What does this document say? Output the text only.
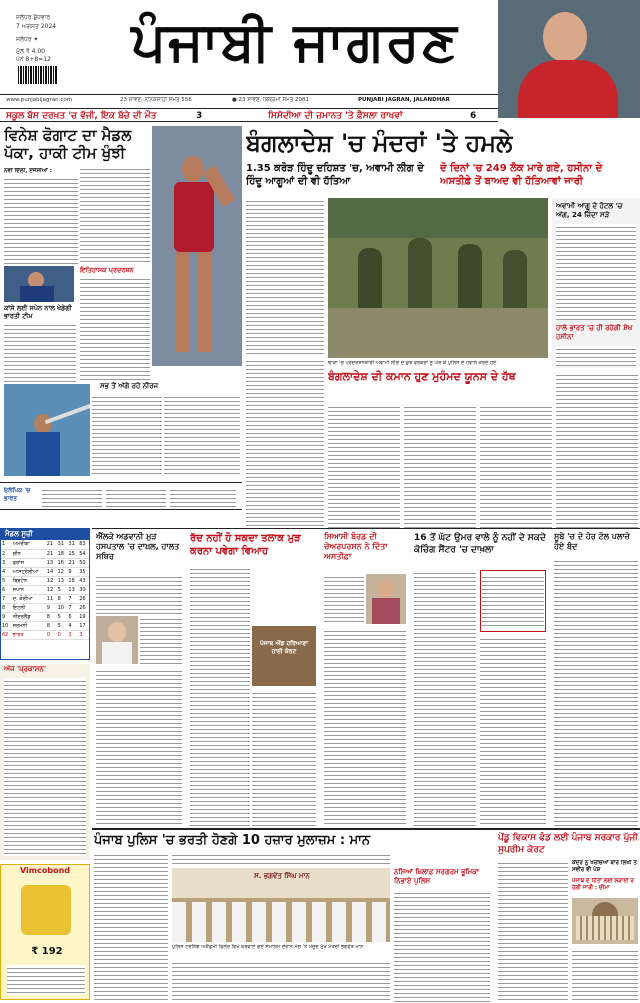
ਜਲੰਧਰ ਬੁੱਧਵਾਰ
7 ਅਗਸਤ 2024
ਜਲੰਧਰ ✦
ਮੁੱਲ ₹ 4.00
ਪੰਨੇ 8+8=12	ਪੰਜਾਬੀ ਜਾਗਰਣ
www.punjabijagran.com	23 ਸਾਵਣ, ਨਾਨਕਸ਼ਾਹੀ ਸੰਮਤ 556	● 23 ਸਾਵਣ, ਬਿਕ੍ਰਮੀ ਸੰਮਤ 2081	PUNJABI JAGRAN, JALANDHAR
ਸਕੂਲ ਬੱਸ ਦਰਖ਼ਤ 'ਚ ਵੱਜੀ, ਇਕ ਬੱਚੇ ਦੀ ਮੌਤ	3	ਸਿਸੋਦੀਆ ਦੀ ਜ਼ਮਾਨਤ 'ਤੇ ਫ਼ੈਸਲਾ ਰਾਖਵਾਂ	6
ਵਿਨੇਸ਼ ਫੋਗਾਟ ਦਾ ਮੈਡਲ
ਪੱਕਾ, ਹਾਕੀ ਟੀਮ ਖੁੰਝੀ
ਨਵੀਂ ਦਿੱਲੀ, ਏਜੰਸੀਆਂ :
ਕਾਂਸੇ ਲਈ ਸਪੇਨ ਨਾਲ ਖੇਡੇਗੀ ਭਾਰਤੀ ਟੀਮ
ਇਤਿਹਾਸਕ ਪ੍ਰਦਰਸ਼ਨ
ਸਭ ਤੋਂ ਅੱਗੇ ਰਹੇ ਨੀਰਜ
ਓਲੰਪਿਕ 'ਚ ਭਾਰਤ
ਬੰਗਲਾਦੇਸ਼ 'ਚ ਮੰਦਰਾਂ 'ਤੇ ਹਮਲੇ
1.35 ਕਰੋੜ ਹਿੰਦੂ ਦਹਿਸ਼ਤ 'ਚ, ਅਵਾਮੀ ਲੀਗ ਦੇ ਹਿੰਦੂ ਆਗੂਆਂ ਦੀ ਵੀ ਹੱਤਿਆ
ਦੋ ਦਿਨਾਂ 'ਚ 249 ਲੋਕ ਮਾਰੇ ਗਏ, ਹਸੀਨਾ ਦੇ ਅਸਤੀਫ਼ੇ ਤੋਂ ਬਾਅਦ ਵੀ ਹੱਤਿਆਵਾਂ ਜਾਰੀ
ਢਾਕਾ 'ਚ ਪ੍ਰਦਰਸ਼ਨਕਾਰੀ ਅਵਾਮੀ ਲੀਗ ਦੇ ਕੁਝ ਵਰਕਰਾਂ ਨੂੰ ਘੇਰ ਕੇ ਪੁਲਿਸ ਦੇ ਹਵਾਲੇ ਕਰਦੇ ਹੋਏ
ਅਵਾਮੀ ਆਗੂ ਦੇ ਹੋਟਲ 'ਚ ਅੱਗ, 24 ਜ਼ਿੰਦਾ ਸੜੇ
ਹਾਲੇ ਭਾਰਤ 'ਚ ਹੀ ਰਹੇਗੀ ਸ਼ੇਖ ਹਸੀਨਾ
ਬੰਗਲਾਦੇਸ਼ ਦੀ ਕਮਾਨ ਹੁਣ ਮੁਹੰਮਦ ਯੂਨਸ ਦੇ ਹੱਥ
ਮੈਡਲ ਸੂਚੀ
1	ਅਮਰੀਕਾ	21	31	31	83
2	ਚੀਨ	21	18	15	54
3	ਫਰਾਂਸ	13	16	21	50
4	ਆਸਟ੍ਰੇਲੀਆ	14	12	9	35
5	ਬ੍ਰਿਟੇਨ	12	13	18	43
6	ਜਪਾਨ	12	5	13	30
7	ਦ. ਕੋਰੀਆ	11	8	7	26
8	ਇਟਲੀ	9	10	7	26
9	ਨੀਦਰਲੈਂਡ	8	5	6	19
10	ਜਰਮਨੀ	8	5	4	17
62	ਭਾਰਤ	0	0	3	3
ਅੱਜ 'ਪ੍ਰਕਾਸ਼ਨ'
Vimcobond
₹ 192
ਐੱਲਕੇ ਅਡਵਾਨੀ ਮੁੜ ਹਸਪਤਾਲ 'ਚ ਦਾਖ਼ਲ, ਹਾਲਤ ਸਥਿਰ
ਰੱਦ ਨਹੀਂ ਹੋ ਸਕਦਾ ਤਲਾਕ ਮੁੜ ਕਰਨਾ ਪਵੇਗਾ ਵਿਆਹ
ਪੰਜਾਬ ਐਂਡ ਹਰਿਆਣਾ ਹਾਈ ਕੋਰਟ
ਸਿਆਸੀ ਬੋਰਡ ਦੀ ਚੇਅਰਪਰਸਨ ਨੇ ਦਿੱਤਾ ਅਸਤੀਫ਼ਾ
16 ਤੋਂ ਘੱਟ ਉਮਰ ਵਾਲੇ ਨੂੰ ਨਹੀਂ ਦੇ ਸਕਦੇ ਕੋਚਿੰਗ ਸੈਂਟਰ 'ਚ ਦਾਖ਼ਲਾ
ਸੂਬੇ 'ਚ ਦੋ ਹੋਰ ਟੋਲ ਪਲਾਜ਼ੇ ਹੋਏ ਬੰਦ
ਪੰਜਾਬ ਪੁਲਿਸ 'ਚ ਭਰਤੀ ਹੋਣਗੇ 10 ਹਜ਼ਾਰ ਮੁਲਾਜ਼ਮ : ਮਾਨ
ਸ. ਭਗਵੰਤ ਸਿੰਘ ਮਾਨ
ਪੁਲਿਸ ਟਰੇਨਿੰਗ ਅਕੈਡਮੀ ਫਿਲੌਰ ਵਿਖੇ ਕਰਵਾਏ ਗਏ ਸਮਾਗਮ ਦੌਰਾਨ ਮੰਚ 'ਤੇ ਮੌਜੂਦ ਮੁੱਖ ਮੰਤਰੀ ਭਗਵੰਤ ਮਾਨ
ਨਸ਼ਿਆਂ ਖ਼ਿਲਾਫ਼ ਸਰਗਰਮ ਭੂਮਿਕਾ ਨਿਭਾਏ ਪੁਲਿਸ
ਪੇਂਡੂ ਵਿਕਾਸ ਫੰਡ ਲਈ ਪੰਜਾਬ ਸਰਕਾਰ ਪੁੱਜੀ ਸੁਪਰੀਮ ਕੋਰਟ
ਕੇਂਦਰ ਨੂੰ ਖਰਚਿਆਂ ਬਾਰੇ ਲਿਖੀ ਤਸਵੀਰ ਵੀ ਪੇਸ਼
ਪੰਜਾਬ ਦੇ ਹਿੱਤਾਂ ਲਈ ਲੜਾਈ ਰਹੇਗੀ ਜਾਰੀ : ਚੀਮਾ
